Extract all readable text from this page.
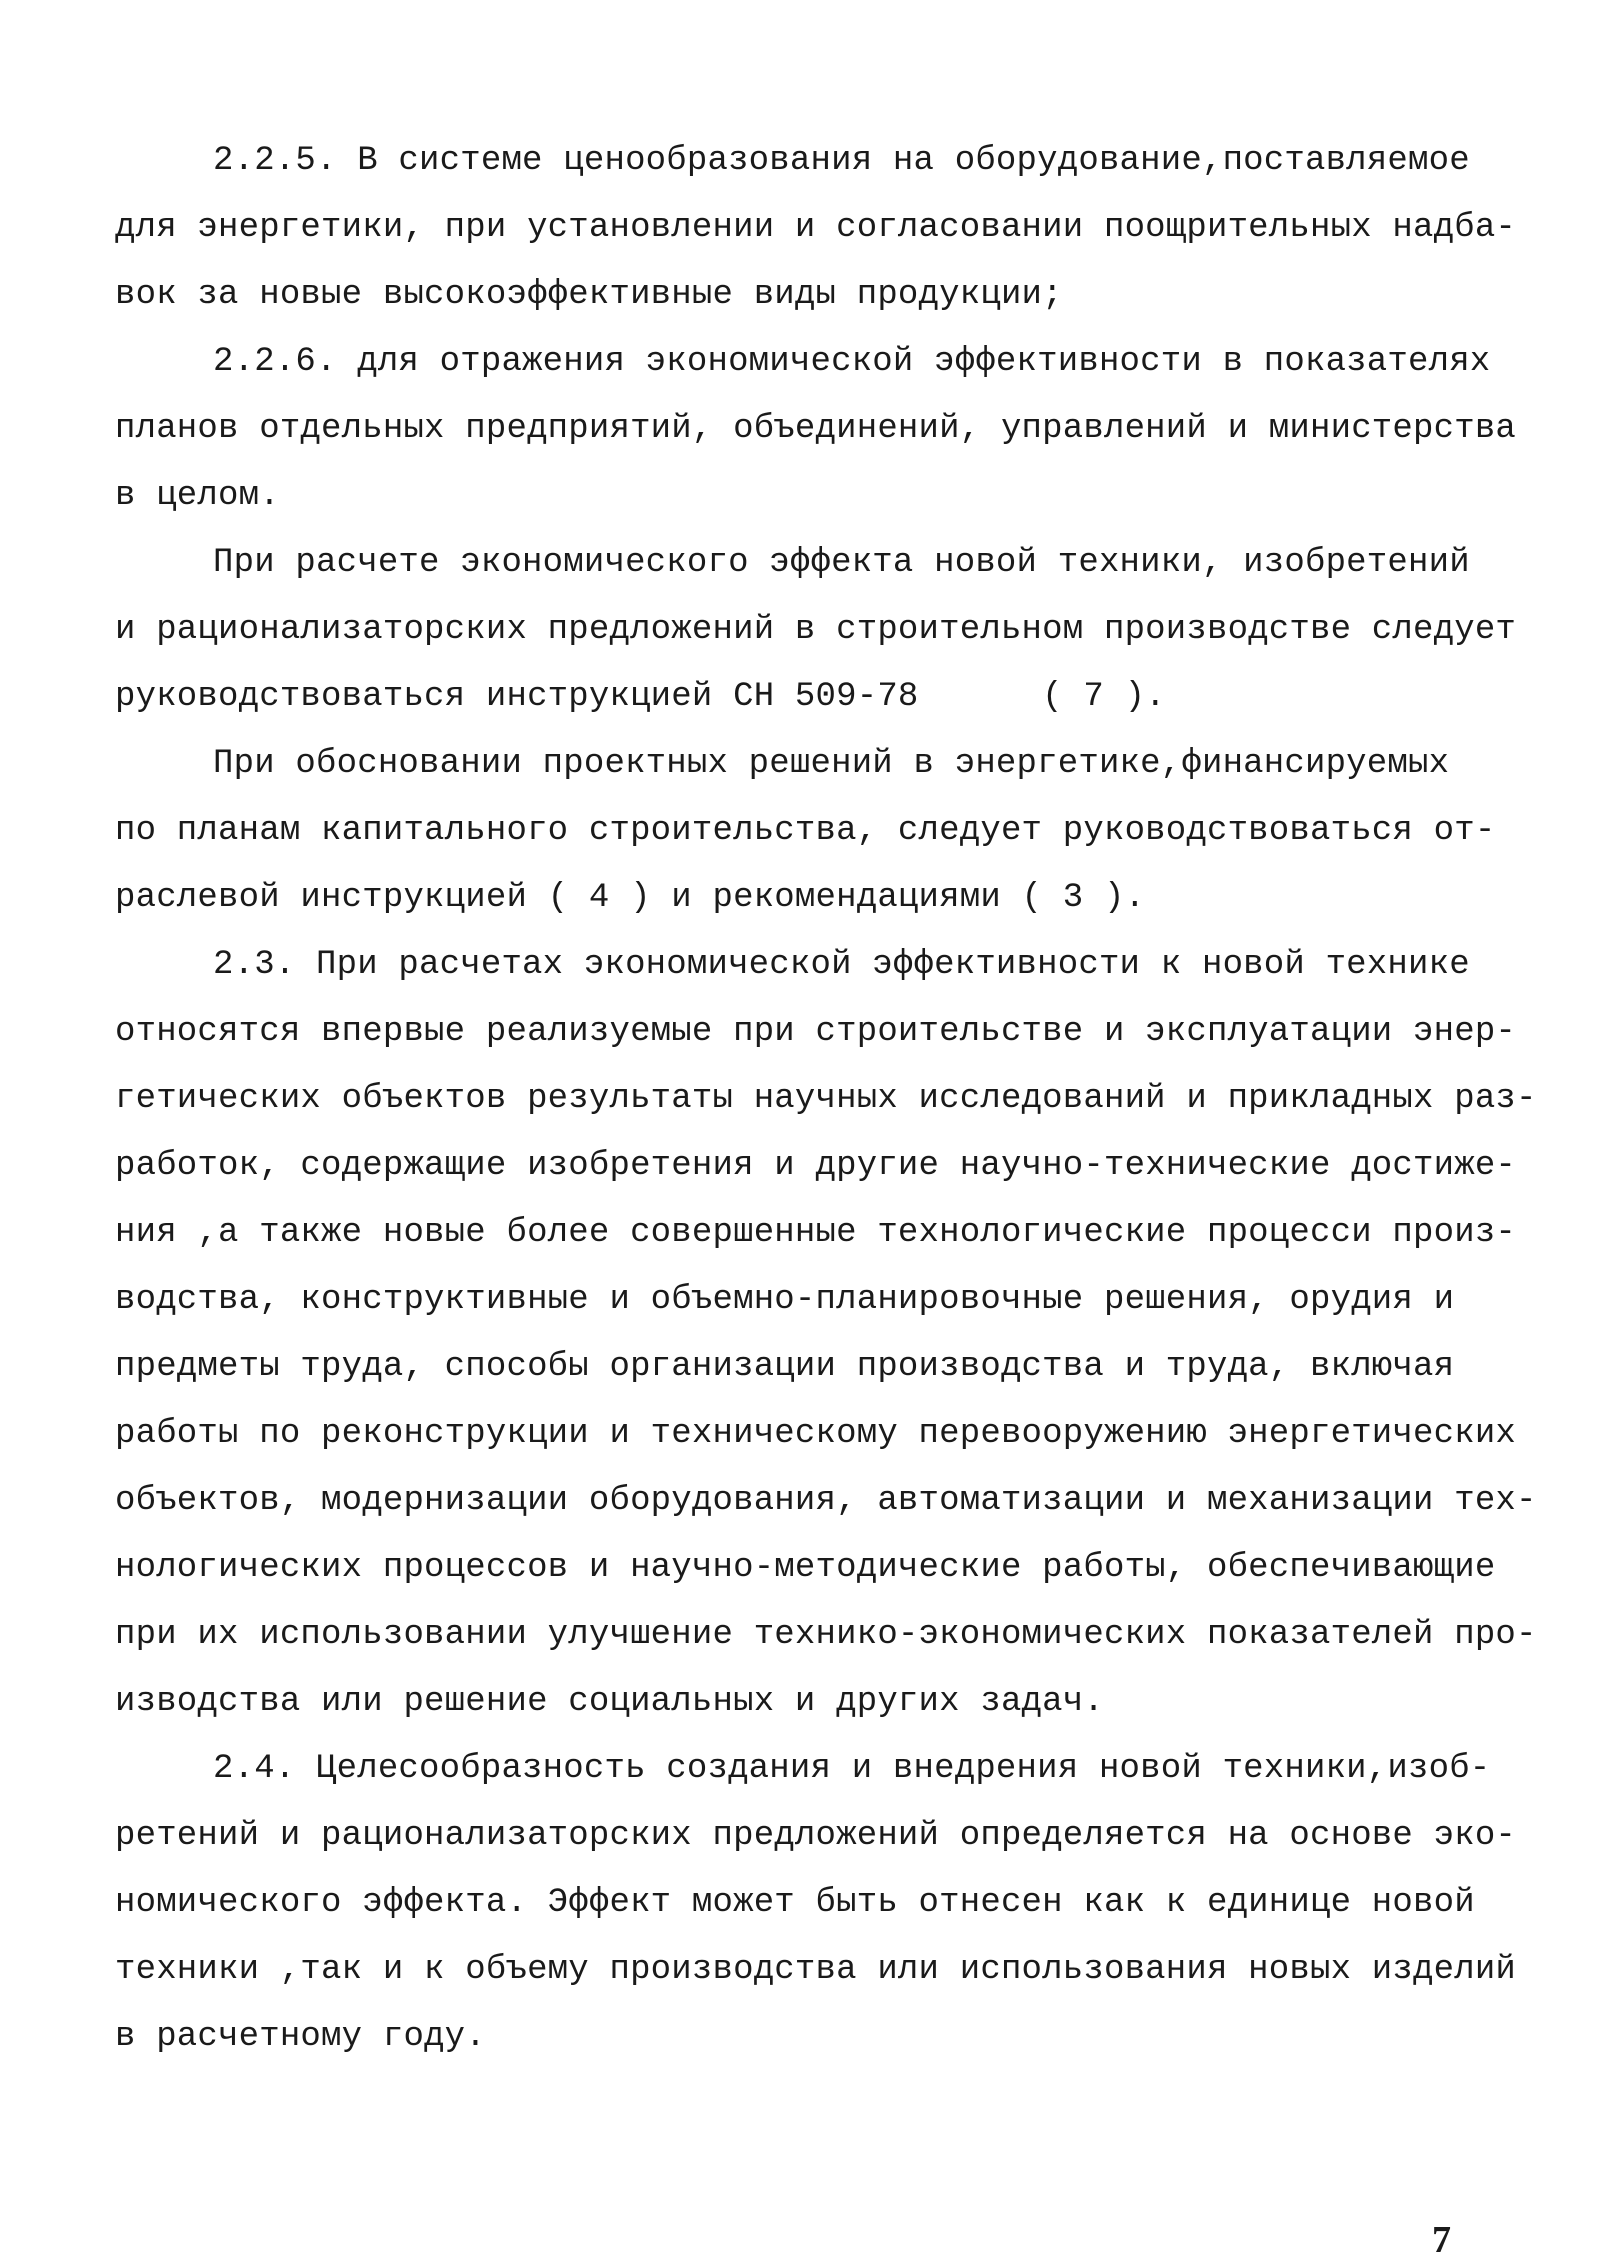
2.2.5. В системе ценообразования на оборудование,поставляемое
для энергетики, при установлении и согласовании поощрительных надба-
вок за новые высокоэффективные виды продукции;

2.2.6. для отражения экономической эффективности в показателях
планов отдельных предприятий, объединений, управлений и министерства
в целом.

При расчете экономического эффекта новой техники, изобретений
и рационализаторских предложений в строительном производстве следует
руководствоваться инструкцией СН 509-78      ( 7 ).

При обосновании проектных решений в энергетике,финансируемых
по планам капитального строительства, следует руководствоваться от-
раслевой инструкцией ( 4 ) и рекомендациями ( 3 ).

2.3. При расчетах экономической эффективности к новой технике
относятся впервые реализуемые при строительстве и эксплуатации энер-
гетических объектов результаты научных исследований и прикладных раз-
работок, содержащие изобретения и другие научно-технические достиже-
ния ,а также новые более совершенные технологические процесси произ-
водства, конструктивные и объемно-планировочные решения, орудия и
предметы труда, способы организации производства и труда, включая
работы по реконструкции и техническому перевооружению энергетических
объектов, модернизации оборудования, автоматизации и механизации тех-
нологических процессов и научно-методические работы, обеспечивающие
при их использовании улучшение технико-экономических показателей про-
изводства или решение социальных и других задач.

2.4. Целесообразность создания и внедрения новой техники,изоб-
ретений и рационализаторских предложений определяется на основе эко-
номического эффекта. Эффект может быть отнесен как к единице новой
техники ,так и к объему производства или использования новых изделий
в расчетному году.

7
